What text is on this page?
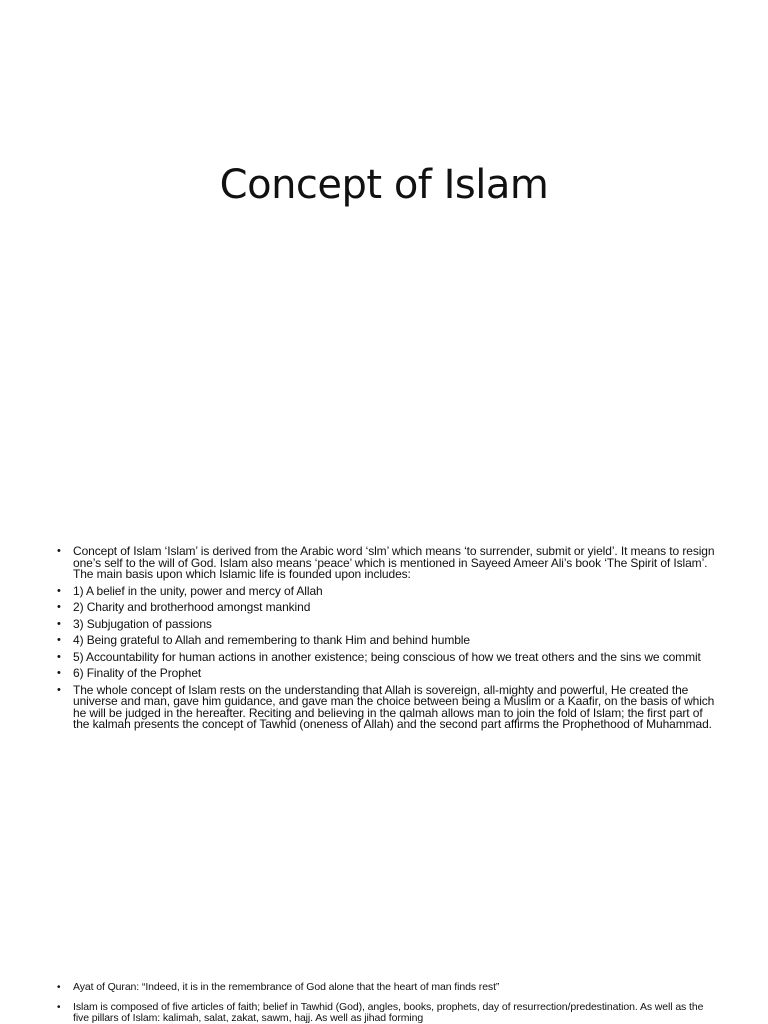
Concept of Islam
• Concept of Islam ‘Islam’ is derived from the Arabic word ‘slm’ which means ‘to surrender, submit or yield’. It means to resign one’s self to the will of God. Islam also means ‘peace’ which is mentioned in Sayeed Ameer Ali’s book ‘The Spirit of Islam’. The main basis upon which Islamic life is founded upon includes:
• 1) A belief in the unity, power and mercy of Allah
• 2) Charity and brotherhood amongst mankind
• 3) Subjugation of passions
• 4) Being grateful to Allah and remembering to thank Him and behind humble
• 5) Accountability for human actions in another existence; being conscious of how we treat others and the sins we commit
• 6) Finality of the Prophet
• The whole concept of Islam rests on the understanding that Allah is sovereign, all-mighty and powerful, He created the universe and man, gave him guidance, and gave man the choice between being a Muslim or a Kaafir, on the basis of which he will be judged in the hereafter. Reciting and believing in the qalmah allows man to join the fold of Islam; the first part of the kalmah presents the concept of Tawhid (oneness of Allah) and the second part affirms the Prophethood of Muhammad.
• Ayat of Quran: “Indeed, it is in the remembrance of God alone that the heart of man finds rest”
• Islam is composed of five articles of faith; belief in Tawhid (God), angles, books, prophets, day of resurrection/predestination. As well as the five pillars of Islam: kalimah, salat, zakat, sawm, hajj. As well as jihad forming
